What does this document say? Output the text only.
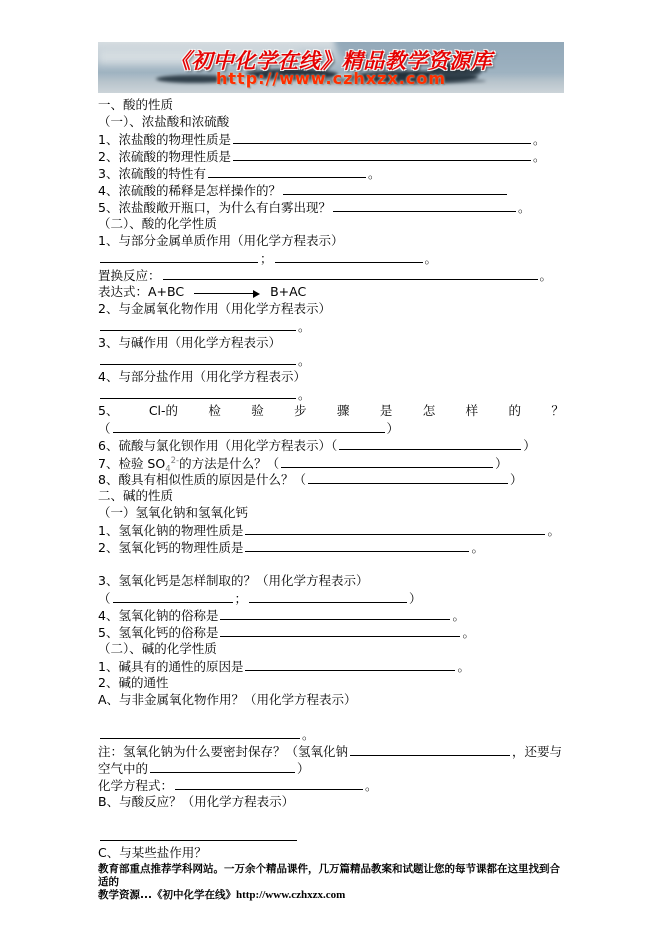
《初中化学在线》精品教学资源库
http://www.czhxzx.com
一、酸的性质
（一）、浓盐酸和浓硫酸
1、浓盐酸的物理性质是	。
2、浓硫酸的物理性质是	。
3、浓硫酸的特性有	。
4、浓硫酸的稀释是怎样操作的？
5、浓盐酸敞开瓶口，为什么有白雾出现？	。
（二）、酸的化学性质
1、与部分金属单质作用（用化学方程表示）
；	。
置换反应：	。
表达式：A+BC	B+AC
2、与金属氧化物作用（用化学方程表示）
。
3、与碱作用（用化学方程表示）
。
4、与部分盐作用（用化学方程表示）
。
5、 Cl-的 检 验 步 骤 是 怎 样 的 ？
（	）
6、硫酸与氯化钡作用（用化学方程表示）（	）
7、检验 $SO_4^{2-}$的方法是什么？（	）
8、酸具有相似性质的原因是什么？（	）
二、碱的性质
（一）氢氧化钠和氢氧化钙
1、氢氧化钠的物理性质是	。
2、氢氧化钙的物理性质是	。
3、氢氧化钙是怎样制取的？（用化学方程表示）
（	；	）
4、氢氧化钠的俗称是	。
5、氢氧化钙的俗称是	。
（二）、碱的化学性质
1、碱具有的通性的原因是	。
2、碱的通性
A、与非金属氧化物作用？（用化学方程表示）
。
注：氢氧化钠为什么要密封保存？（氢氧化钠	，还要与
空气中的	）
化学方程式：	。
B、与酸反应？（用化学方程表示）
C、与某些盐作用？
教育部重点推荐学科网站。一万余个精品课件，几万篇精品教案和试题让您的每节课都在这里找到合适的
教学资源...《初中化学在线》http://www.czhxzx.com
